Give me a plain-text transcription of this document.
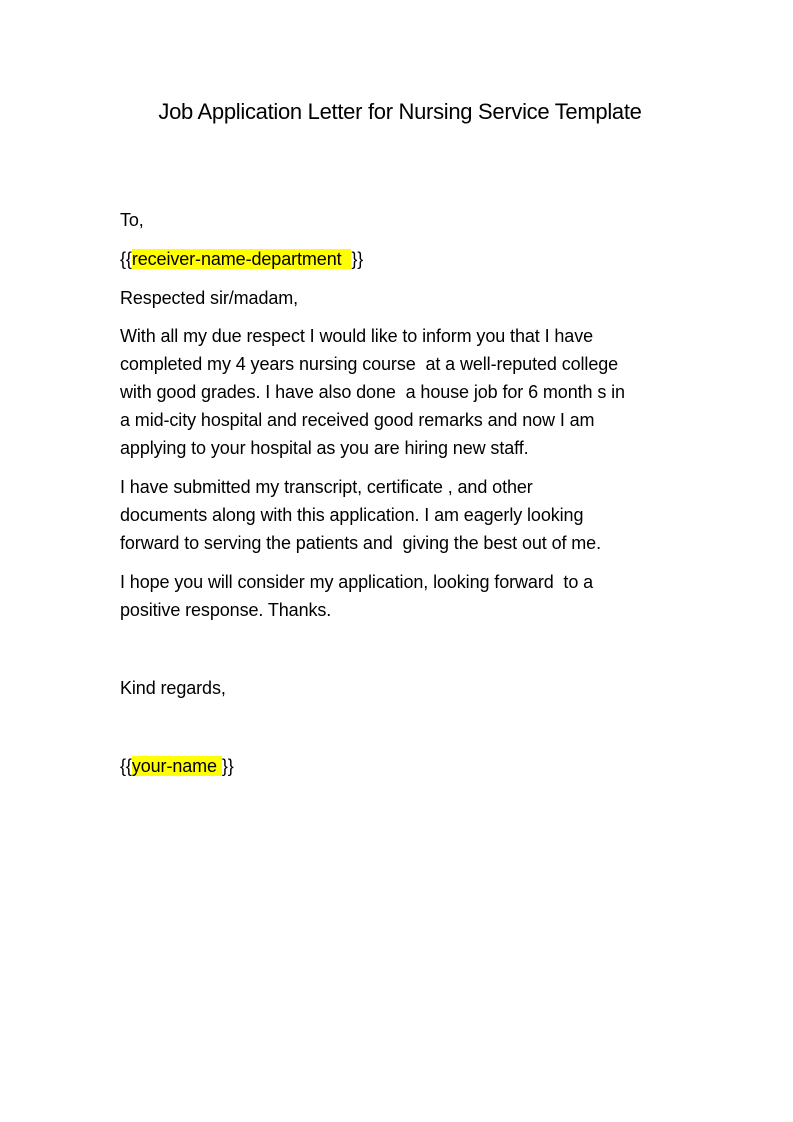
Job Application Letter for Nursing Service Template
To,
{{receiver-name-department  }}
Respected sir/madam,
With all my due respect I would like to inform you that I have
completed my 4 years nursing course  at a well-reputed college
with good grades. I have also done  a house job for 6 month s in
a mid-city hospital and received good remarks and now I am
applying to your hospital as you are hiring new staff.
I have submitted my transcript, certificate , and other
documents along with this application. I am eagerly looking
forward to serving the patients and  giving the best out of me.
I hope you will consider my application, looking forward  to a
positive response. Thanks.
Kind regards,
{{your-name }}
